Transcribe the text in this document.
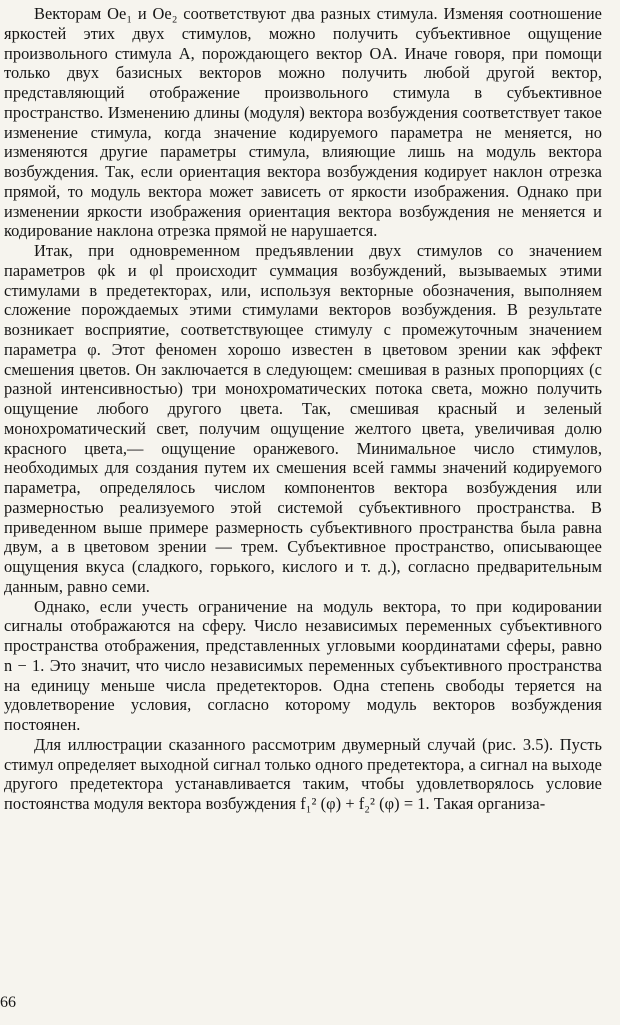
Векторам Oe₁ и Oe₂ соответствуют два разных стимула. Изменяя соотношение яркостей этих двух стимулов, можно получить субъективное ощущение произвольного стимула A, порождающего вектор OA. Иначе говоря, при помощи только двух базисных векторов можно получить любой другой вектор, представляющий отображение произвольного стимула в субъективное пространство. Изменению длины (модуля) вектора возбуждения соответствует такое изменение стимула, когда значение кодируемого параметра не меняется, но изменяются другие параметры стимула, влияющие лишь на модуль вектора возбуждения. Так, если ориентация вектора возбуждения кодирует наклон отрезка прямой, то модуль вектора может зависеть от яркости изображения. Однако при изменении яркости изображения ориентация вектора возбуждения не меняется и кодирование наклона отрезка прямой не нарушается.

Итак, при одновременном предъявлении двух стимулов со значением параметров φk и φl происходит суммация возбуждений, вызываемых этими стимулами в предетекторах, или, используя векторные обозначения, выполняем сложение порождаемых этими стимулами векторов возбуждения. В результате возникает восприятие, соответствующее стимулу с промежуточным значением параметра φ. Этот феномен хорошо известен в цветовом зрении как эффект смешения цветов. Он заключается в следующем: смешивая в разных пропорциях (с разной интенсивностью) три монохроматических потока света, можно получить ощущение любого другого цвета. Так, смешивая красный и зеленый монохроматический свет, получим ощущение желтого цвета, увеличивая долю красного цвета,— ощущение оранжевого. Минимальное число стимулов, необходимых для создания путем их смешения всей гаммы значений кодируемого параметра, определялось числом компонентов вектора возбуждения или размерностью реализуемого этой системой субъективного пространства. В приведенном выше примере размерность субъективного пространства была равна двум, а в цветовом зрении — трем. Субъективное пространство, описывающее ощущения вкуса (сладкого, горького, кислого и т. д.), согласно предварительным данным, равно семи.

Однако, если учесть ограничение на модуль вектора, то при кодировании сигналы отображаются на сферу. Число независимых переменных субъективного пространства отображения, представленных угловыми координатами сферы, равно n − 1. Это значит, что число независимых переменных субъективного пространства на единицу меньше числа предетекторов. Одна степень свободы теряется на удовлетворение условия, согласно которому модуль векторов возбуждения постоянен.

Для иллюстрации сказанного рассмотрим двумерный случай (рис. 3.5). Пусть стимул определяет выходной сигнал только одного предетектора, а сигнал на выходе другого предетектора устанавливается таким, чтобы удовлетворялось условие постоянства модуля вектора возбуждения f₁² (φ) + f₂² (φ) = 1. Такая организа-

66
